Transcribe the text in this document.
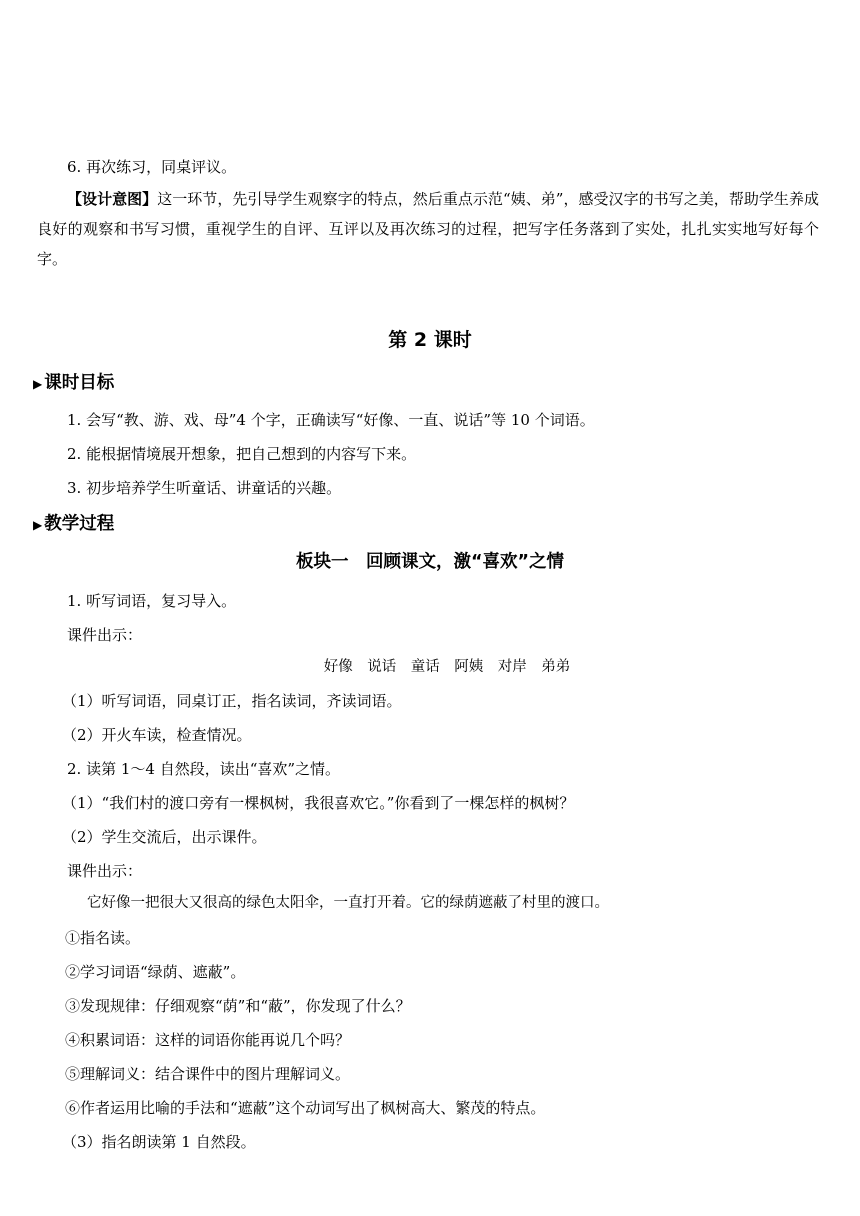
6. 再次练习，同桌评议。
【设计意图】这一环节，先引导学生观察字的特点，然后重点示范“姨、弟”，感受汉字的书写之美，帮助学生养成良好的观察和书写习惯，重视学生的自评、互评以及再次练习的过程，把写字任务落到了实处，扎扎实实地写好每个字。
第 2 课时
▶ 课时目标
1. 会写“教、游、戏、母”4 个字，正确读写“好像、一直、说话”等 10 个词语。
2. 能根据情境展开想象，把自己想到的内容写下来。
3. 初步培养学生听童话、讲童话的兴趣。
▶ 教学过程
板块一　回顾课文，激“喜欢”之情
1. 听写词语，复习导入。
课件出示：
好像　说话　童话　阿姨　对岸　弟弟
（1）听写词语，同桌订正，指名读词，齐读词语。
（2）开火车读，检查情况。
2. 读第 1～4 自然段，读出“喜欢”之情。
（1）“我们村的渡口旁有一棵枫树，我很喜欢它。”你看到了一棵怎样的枫树？
（2）学生交流后，出示课件。
课件出示：
它好像一把很大又很高的绿色太阳伞，一直打开着。它的绿荫遮蔽了村里的渡口。
①指名读。
②学习词语“绿荫、遮蔽”。
③发现规律：仔细观察“荫”和“蔽”，你发现了什么？
④积累词语：这样的词语你能再说几个吗？
⑤理解词义：结合课件中的图片理解词义。
⑥作者运用比喻的手法和“遮蔽”这个动词写出了枫树高大、繁茂的特点。
（3）指名朗读第 1 自然段。
